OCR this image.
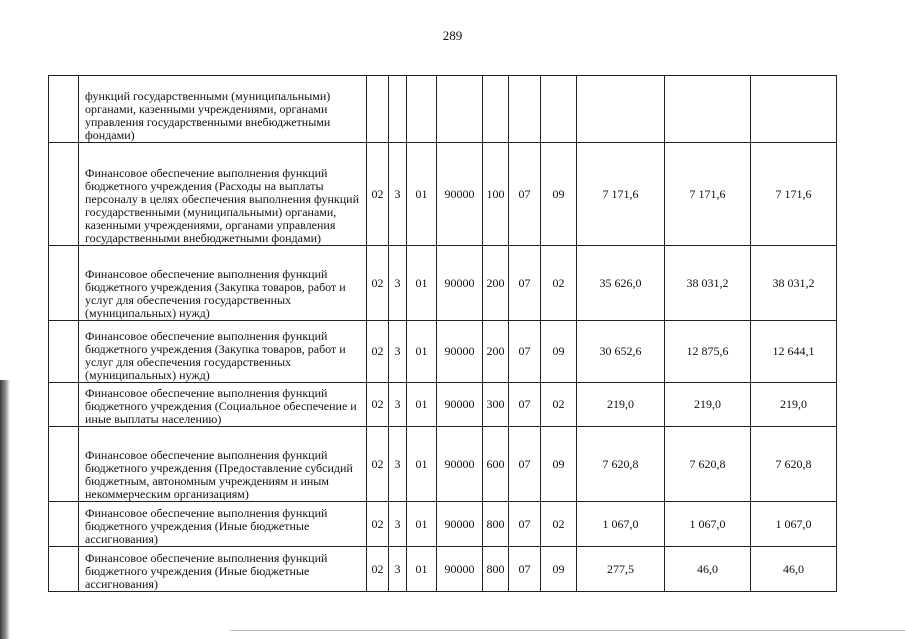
289
	функций государственными (муниципальными) органами, казенными учреждениями, органами управления государственными внебюджетными фондами)										
	Финансовое обеспечение выполнения функций бюджетного учреждения (Расходы на выплаты персоналу в целях обеспечения выполнения функций государственными (муниципальными) органами, казенными учреждениями, органами управления государственными внебюджетными фондами)	02	3	01	90000	100	07	09	7 171,6	7 171,6	7 171,6
	Финансовое обеспечение выполнения функций бюджетного учреждения (Закупка товаров, работ и услуг для обеспечения государственных (муниципальных) нужд)	02	3	01	90000	200	07	02	35 626,0	38 031,2	38 031,2
	Финансовое обеспечение выполнения функций бюджетного учреждения (Закупка товаров, работ и услуг для обеспечения государственных (муниципальных) нужд)	02	3	01	90000	200	07	09	30 652,6	12 875,6	12 644,1
	Финансовое обеспечение выполнения функций бюджетного учреждения (Социальное обеспечение и иные выплаты населению)	02	3	01	90000	300	07	02	219,0	219,0	219,0
	Финансовое обеспечение выполнения функций бюджетного учреждения (Предоставление субсидий бюджетным, автономным учреждениям и иным некоммерческим организациям)	02	3	01	90000	600	07	09	7 620,8	7 620,8	7 620,8
	Финансовое обеспечение выполнения функций бюджетного учреждения (Иные бюджетные ассигнования)	02	3	01	90000	800	07	02	1 067,0	1 067,0	1 067,0
	Финансовое обеспечение выполнения функций бюджетного учреждения (Иные бюджетные ассигнования)	02	3	01	90000	800	07	09	277,5	46,0	46,0
